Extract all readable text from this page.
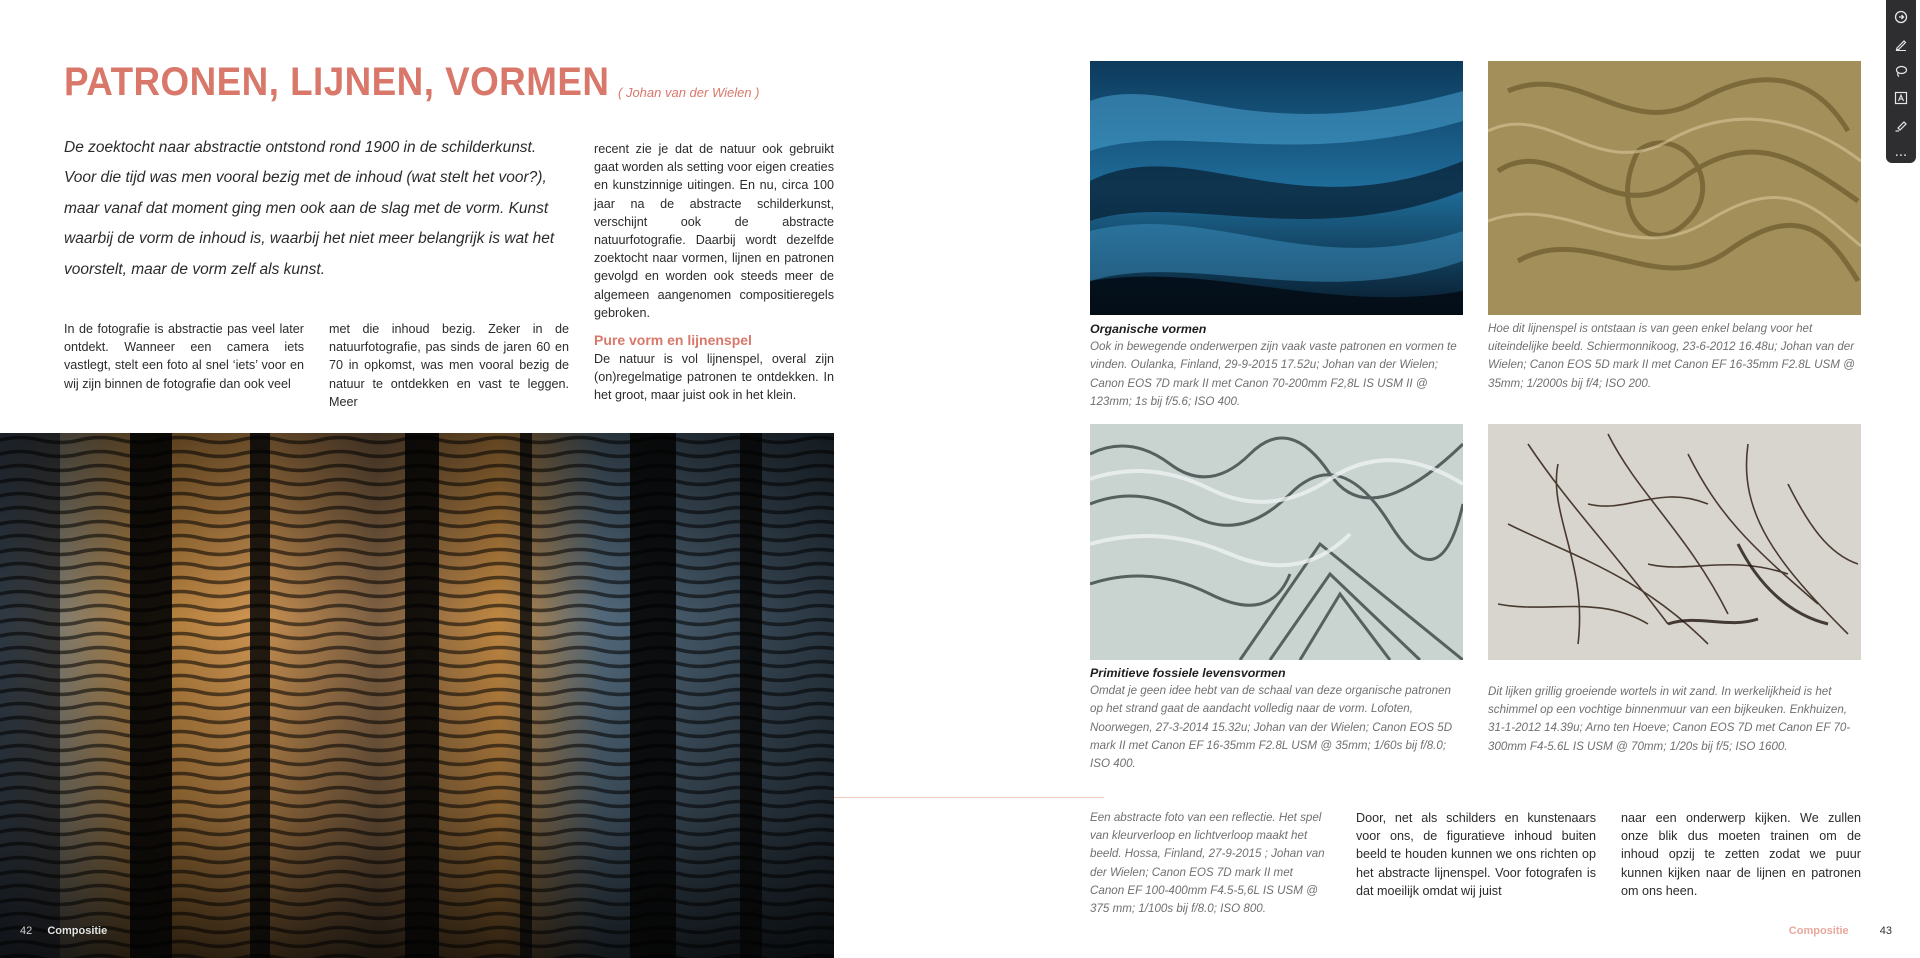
PATRONEN, LIJNEN, VORMEN ( Johan van der Wielen )

De zoektocht naar abstractie ontstond rond 1900 in de schilderkunst. Voor die tijd was men vooral bezig met de inhoud (wat stelt het voor?), maar vanaf dat moment ging men ook aan de slag met de vorm. Kunst waarbij de vorm de inhoud is, waarbij het niet meer belangrijk is wat het voorstelt, maar de vorm zelf als kunst.

In de fotografie is abstractie pas veel later ontdekt. Wanneer een camera iets vastlegt, stelt een foto al snel ‘iets’ voor en wij zijn binnen de fotografie dan ook veel

met die inhoud bezig. Zeker in de natuurfotografie, pas sinds de jaren 60 en 70 in opkomst, was men vooral bezig de natuur te ontdekken en vast te leggen. Meer

recent zie je dat de natuur ook gebruikt gaat worden als setting voor eigen creaties en kunstzinnige uitingen. En nu, circa 100 jaar na de abstracte schilderkunst, verschijnt ook de abstracte natuurfotografie. Daarbij wordt dezelfde zoektocht naar vormen, lijnen en patronen gevolgd en worden ook steeds meer de algemeen aangenomen compositieregels gebroken.

Pure vorm en lijnenspel

De natuur is vol lijnenspel, overal zijn (on)regelmatige patronen te ontdekken. In het groot, maar juist ook in het klein.

42 Compositie
Organische vormen
Ook in bewegende onderwerpen zijn vaak vaste patronen en vormen te vinden. Oulanka, Finland, 29-9-2015 17.52u; Johan van der Wielen; Canon EOS 7D mark II met Canon 70-200mm F2,8L IS USM II @ 123mm; 1s bij f/5.6; ISO 400.
Hoe dit lijnenspel is ontstaan is van geen enkel belang voor het uiteindelijke beeld. Schiermonnikoog, 23-6-2012 16.48u; Johan van der Wielen; Canon EOS 5D mark II met Canon EF 16-35mm F2.8L USM @ 35mm; 1/2000s bij f/4; ISO 200.
Primitieve fossiele levensvormen
Omdat je geen idee hebt van de schaal van deze organische patronen op het strand gaat de aandacht volledig naar de vorm. Lofoten, Noorwegen, 27-3-2014 15.32u; Johan van der Wielen; Canon EOS 5D mark II met Canon EF 16-35mm F2.8L USM @ 35mm; 1/60s bij f/8.0; ISO 400.
Dit lijken grillig groeiende wortels in wit zand. In werkelijkheid is het schimmel op een vochtige binnenmuur van een bijkeuken. Enkhuizen, 31-1-2012 14.39u; Arno ten Hoeve; Canon EOS 7D met Canon EF 70-300mm F4-5.6L IS USM @ 70mm; 1/20s bij f/5; ISO 1600.
Een abstracte foto van een reflectie. Het spel van kleurverloop en lichtverloop maakt het beeld. Hossa, Finland, 27-9-2015 ; Johan van der Wielen; Canon EOS 7D mark II met Canon EF 100-400mm F4.5-5,6L IS USM @ 375 mm; 1/100s bij f/8.0; ISO 800.

Door, net als schilders en kunstenaars voor ons, de figuratieve inhoud buiten beeld te houden kunnen we ons richten op het abstracte lijnenspel. Voor fotografen is dat moeilijk omdat wij juist

naar een onderwerp kijken. We zullen onze blik dus moeten trainen om de inhoud opzij te zetten zodat we puur kunnen kijken naar de lijnen en patronen om ons heen.

Compositie	43
...
